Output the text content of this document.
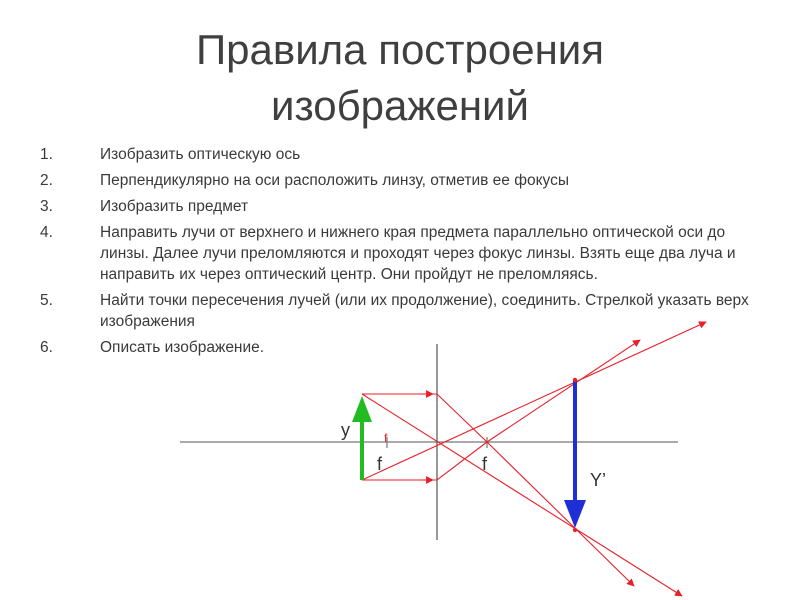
Правила построения
изображений
1.	Изобразить оптическую ось
2.	Перпендикулярно на оси расположить линзу, отметив ее фокусы
3.	Изобразить предмет
4.	Направить лучи от верхнего и нижнего края предмета параллельно оптической оси до линзы. Далее лучи преломляются и проходят через фокус линзы. Взять еще два луча и направить их через оптический центр. Они пройдут не преломляясь.
5.	Найти точки пересечения лучей (или их продолжение), соединить. Стрелкой указать верх изображения
6.	Описать изображение.
f
y
f	f
Y’
